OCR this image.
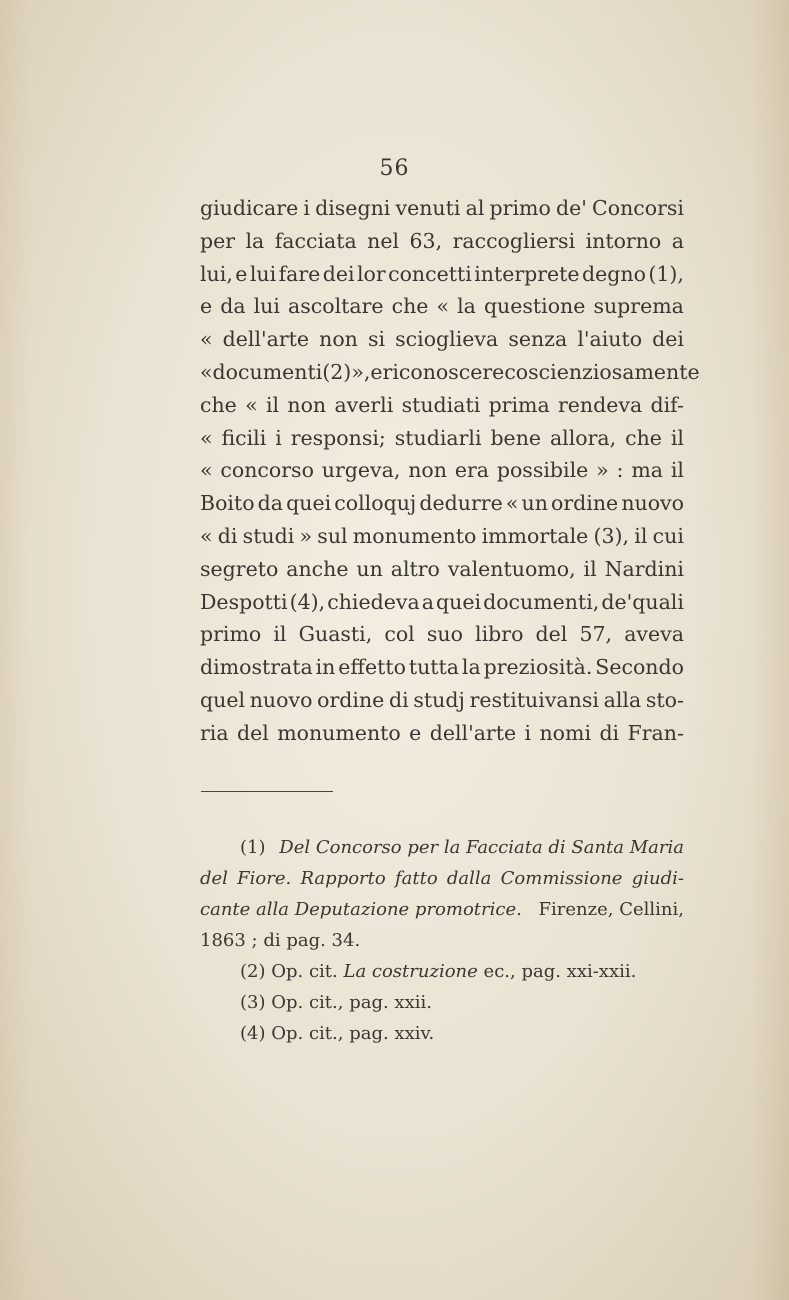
56
giudicare i disegni venuti al primo de' Concorsi
per la facciata nel 63, raccogliersi intorno a
lui, e lui fare dei lor concetti interprete degno (1),
e da lui ascoltare che « la questione suprema
« dell'arte non si scioglieva senza l'aiuto dei
« documenti (2) », e riconoscere coscienziosamente
che « il non averli studiati prima rendeva dif-
« ficili i responsi; studiarli bene allora, che il
« concorso urgeva, non era possibile » : ma il
Boito da quei colloquj dedurre « un ordine nuovo
« di studi » sul monumento immortale (3), il cui
segreto anche un altro valentuomo, il Nardini
Despotti (4), chiedeva a quei documenti, de'quali
primo il Guasti, col suo libro del 57, aveva
dimostrata in effetto tutta la preziosità. Secondo
quel nuovo ordine di studj restituivansi alla sto-
ria del monumento e dell'arte i nomi di Fran-
(1) Del Concorso per la Facciata di Santa Maria
del Fiore. Rapporto fatto dalla Commissione giudi-
cante alla Deputazione promotrice. Firenze, Cellini,
1863 ; di pag. 34.
(2) Op. cit. La costruzione ec., pag. xxi-xxii.
(3) Op. cit., pag. xxii.
(4) Op. cit., pag. xxiv.
